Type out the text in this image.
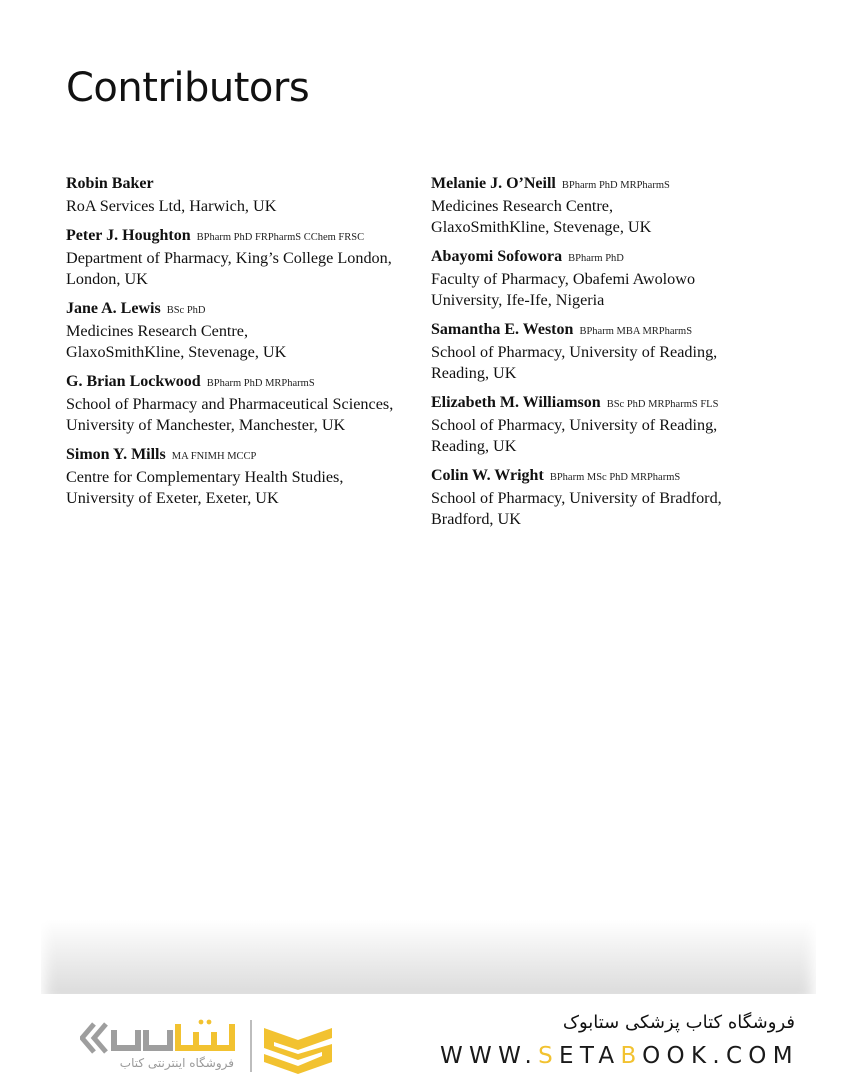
Contributors
Robin Baker
RoA Services Ltd, Harwich, UK
Peter J. Houghton BPharm PhD FRPharmS CChem FRSC
Department of Pharmacy, King’s College London,
London, UK
Jane A. Lewis BSc PhD
Medicines Research Centre,
GlaxoSmithKline, Stevenage, UK
G. Brian Lockwood BPharm PhD MRPharmS
School of Pharmacy and Pharmaceutical Sciences,
University of Manchester, Manchester, UK
Simon Y. Mills MA FNIMH MCCP
Centre for Complementary Health Studies,
University of Exeter, Exeter, UK
Melanie J. O’Neill BPharm PhD MRPharmS
Medicines Research Centre,
GlaxoSmithKline, Stevenage, UK
Abayomi Sofowora BPharm PhD
Faculty of Pharmacy, Obafemi Awolowo
University, Ife-Ife, Nigeria
Samantha E. Weston BPharm MBA MRPharmS
School of Pharmacy, University of Reading,
Reading, UK
Elizabeth M. Williamson BSc PhD MRPharmS FLS
School of Pharmacy, University of Reading,
Reading, UK
Colin W. Wright BPharm MSc PhD MRPharmS
School of Pharmacy, University of Bradford,
Bradford, UK
فروشگاه اینترنتی کتاب
فروشگاه کتاب پزشکی ستابوک
WWW.SETABOOK.COM
